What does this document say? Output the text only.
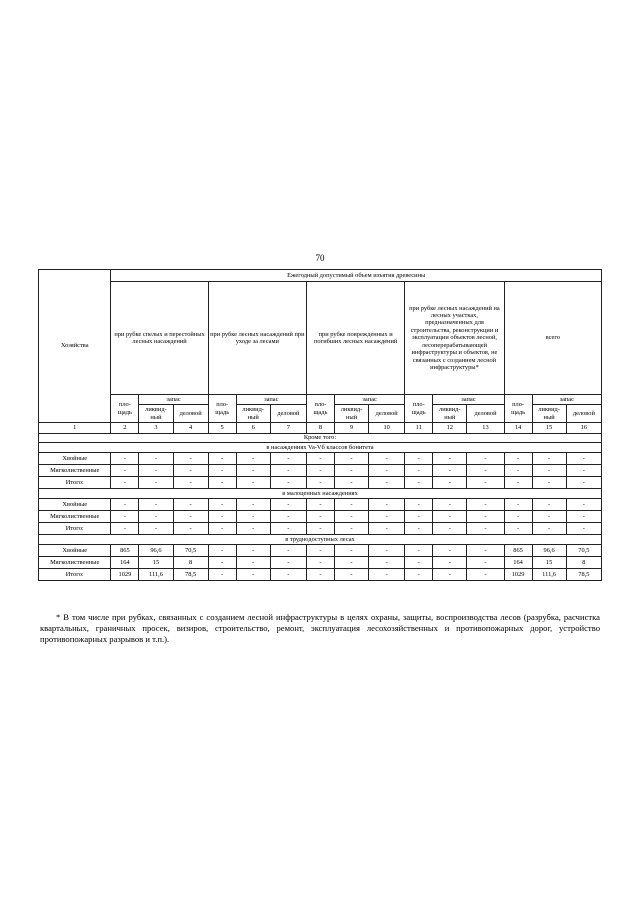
70
Хозяйства	Ежегодный допустимый объем изъятия древесины														
	при рубке спелых и перестойных лесных насаждений			при рубке лесных насаждений при уходе за лесами			при рубке поврежденных и погибших лесных насаждений			при рубке лесных насаждений на лесных участках, предназначенных для строительства, реконструкции и эксплуатации объектов лесной, лесоперерабатывающей инфраструктуры и объектов, не связанных с созданием лесной инфраструктуры*			всего		
	пло-щадь	запас		пло-щадь	запас		пло-щадь	запас		пло-щадь	запас		пло-щадь	запас	
		ликвид-ный	деловой		ликвид-ный	деловой		ликвид-ный	деловой		ликвид-ный	деловой		ликвид-ный	деловой
1	2	3	4	5	6	7	8	9	10	11	12	13	14	15	16
Кроме того:															
в насаждениях Va-Vб классов бонитета															
Хвойные	-	-	-	-	-	-	-	-	-	-	-	-	-	-	-
Мягколиственные	-	-	-	-	-	-	-	-	-	-	-	-	-	-	-
Итого:	-	-	-	-	-	-	-	-	-	-	-	-	-	-	-
в малоценных насаждениях															
Хвойные	-	-	-	-	-	-	-	-	-	-	-	-	-	-	-
Мягколиственные	-	-	-	-	-	-	-	-	-	-	-	-	-	-	-
Итого:	-	-	-	-	-	-	-	-	-	-	-	-	-	-	-
в труднодоступных лесах															
Хвойные	865	96,6	70,5	-	-	-	-	-	-	-	-	-	865	96,6	70,5
Мягколиственные	164	15	8	-	-	-	-	-	-	-	-	-	164	15	8
Итого:	1029	111,6	78,5	-	-	-	-	-	-	-	-	-	1029	111,6	78,5

* В том числе при рубках, связанных с созданием лесной инфраструктуры в целях охраны, защиты, воспроизводства лесов (разрубка, расчистка квартальных, граничных просек, визиров, строительство, ремонт, эксплуатация лесохозяйственных и противопожарных дорог, устройство противопожарных разрывов и т.п.).
